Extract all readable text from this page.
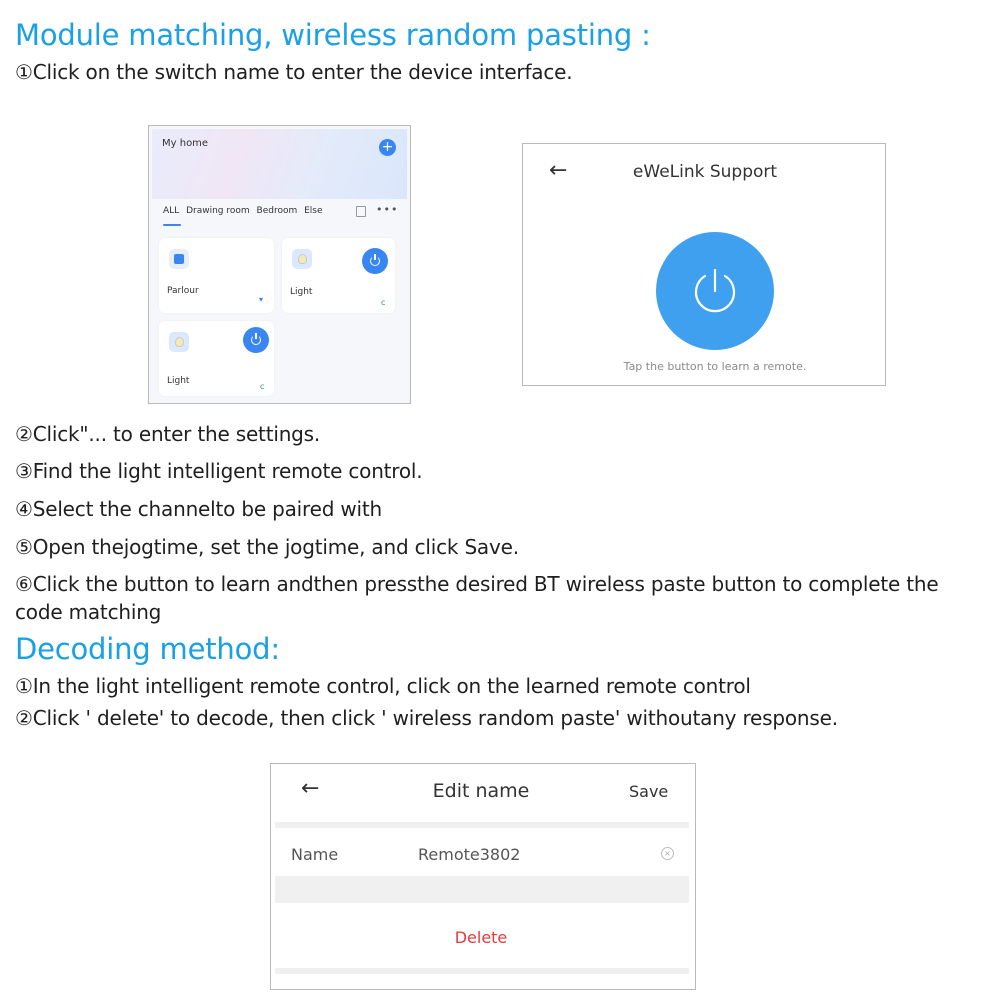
Module matching, wireless random pasting :
①Click on the switch name to enter the device interface.
My home	+
ALL Drawing room Bedroom Else	•••
Parlour
▾
Light
c
Light
c
←	eWeLink Support
Tap the button to learn a remote.
②Click"... to enter the settings.
③Find the light intelligent remote control.
④Select the channelto be paired with
⑤Open thejogtime, set the jogtime, and click Save.
⑥Click the button to learn andthen pressthe desired BT wireless paste button to complete the
code matching
Decoding method:
①In the light intelligent remote control, click on the learned remote control
②Click ' delete' to decode, then click ' wireless random paste' withoutany response.
←	Edit name	Save
Name	Remote3802	×
Delete
